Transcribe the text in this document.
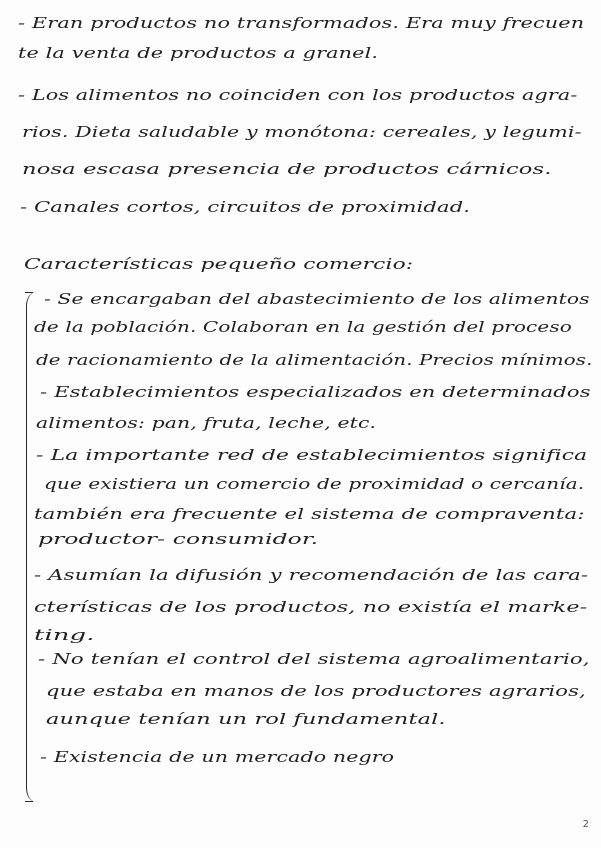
- Eran productos no transformados. Era muy frecuen
te la venta de productos a granel.
- Los alimentos no coinciden con los productos agra-
rios. Dieta saludable y monótona: cereales, y legumi-
nosa escasa presencia de productos cárnicos.
- Canales cortos, circuitos de proximidad.
Características pequeño comercio:
- Se encargaban del abastecimiento de los alimentos
de la población. Colaboran en la gestión del proceso
de racionamiento de la alimentación. Precios mínimos.
- Establecimientos especializados en determinados
alimentos: pan, fruta, leche, etc.
- La importante red de establecimientos significa
que existiera un comercio de proximidad o cercanía.
también era frecuente el sistema de compraventa:
productor- consumidor.
- Asumían la difusión y recomendación de las cara-
cterísticas de los productos, no existía el marke-
ting.
- No tenían el control del sistema agroalimentario,
que estaba en manos de los productores agrarios,
aunque tenían un rol fundamental.
- Existencia de un mercado negro
2
